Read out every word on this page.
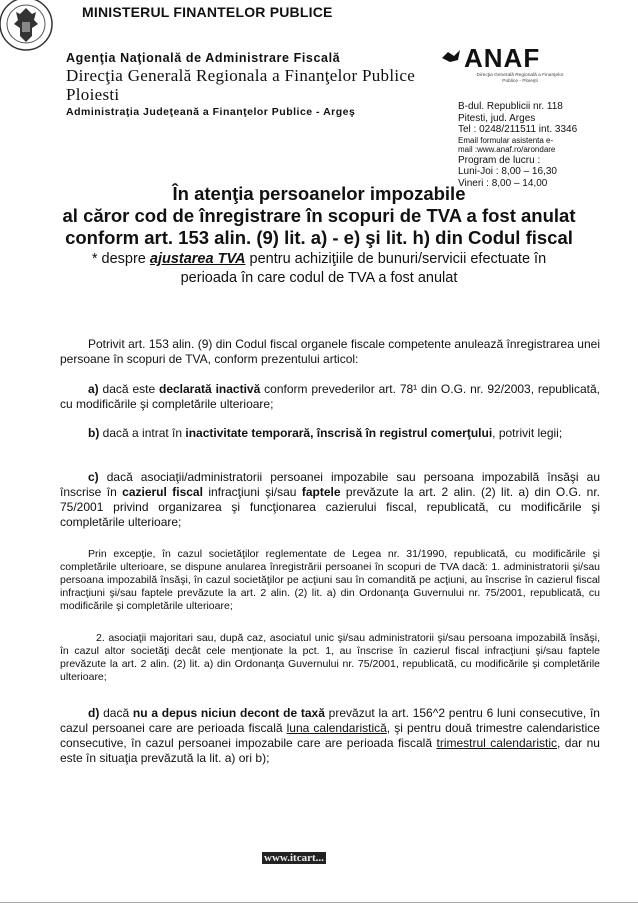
MINISTERUL FINANTELOR PUBLICE
Agenţia Naţională de Administrare Fiscală
Direcţia Generală Regionala a Finanţelor Publice Ploiesti
Administraţia Judeţeană a Finanţelor Publice - Argeş
ANAF
Direcţia Generală Regională a Finanţelor Publice - Ploieşti
B-dul. Republicii nr. 118
Pitesti, jud. Arges
Tel : 0248/211511 int. 3346
Email formular asistenta e-
mail :www.anaf.ro/arondare
Program de lucru :
Luni-Joi : 8,00 – 16,30
Vineri : 8,00 – 14,00
În atenţia persoanelor impozabile
al căror cod de înregistrare în scopuri de TVA a fost anulat
conform art. 153 alin. (9) lit. a) - e) şi lit. h) din Codul fiscal
* despre ajustarea TVA pentru achiziţiile de bunuri/servicii efectuate în
perioada în care codul de TVA a fost anulat
Potrivit art. 153 alin. (9) din Codul fiscal organele fiscale competente anulează înregistrarea unei persoane în scopuri de TVA, conform prezentului articol:
a) dacă este declarată inactivă conform prevederilor art. 78¹ din O.G. nr. 92/2003, republicată, cu modificările şi completările ulterioare;
b) dacă a intrat în inactivitate temporară, înscrisă în registrul comerţului, potrivit legii;
c) dacă asociaţii/administratorii persoanei impozabile sau persoana impozabilă însăşi au înscrise în cazierul fiscal infracţiuni şi/sau faptele prevăzute la art. 2 alin. (2) lit. a) din O.G. nr. 75/2001 privind organizarea şi funcţionarea cazierului fiscal, republicată, cu modificările şi completările ulterioare;
Prin excepţie, în cazul societăţilor reglementate de Legea nr. 31/1990, republicată, cu modificările şi completările ulterioare, se dispune anularea înregistrării persoanei în scopuri de TVA dacă: 1. administratorii şi/sau persoana impozabilă însăşi, în cazul societăţilor pe acţiuni sau în comandită pe acţiuni, au înscrise în cazierul fiscal infracţiuni şi/sau faptele prevăzute la art. 2 alin. (2) lit. a) din Ordonanţa Guvernului nr. 75/2001, republicată, cu modificările şi completările ulterioare;
2. asociaţii majoritari sau, după caz, asociatul unic şi/sau administratorii şi/sau persoana impozabilă însăşi, în cazul altor societăţi decât cele menţionate la pct. 1, au înscrise în cazierul fiscal infracţiuni şi/sau faptele prevăzute la art. 2 alin. (2) lit. a) din Ordonanţa Guvernului nr. 75/2001, republicată, cu modificările şi completările ulterioare;
d) dacă nu a depus niciun decont de taxă prevăzut la art. 156^2 pentru 6 luni consecutive, în cazul persoanei care are perioada fiscală luna calendaristică, şi pentru două trimestre calendaristice consecutive, în cazul persoanei impozabile care are perioada fiscală trimestrul calendaristic, dar nu este în situaţia prevăzută la lit. a) ori b);
www.itcart...
